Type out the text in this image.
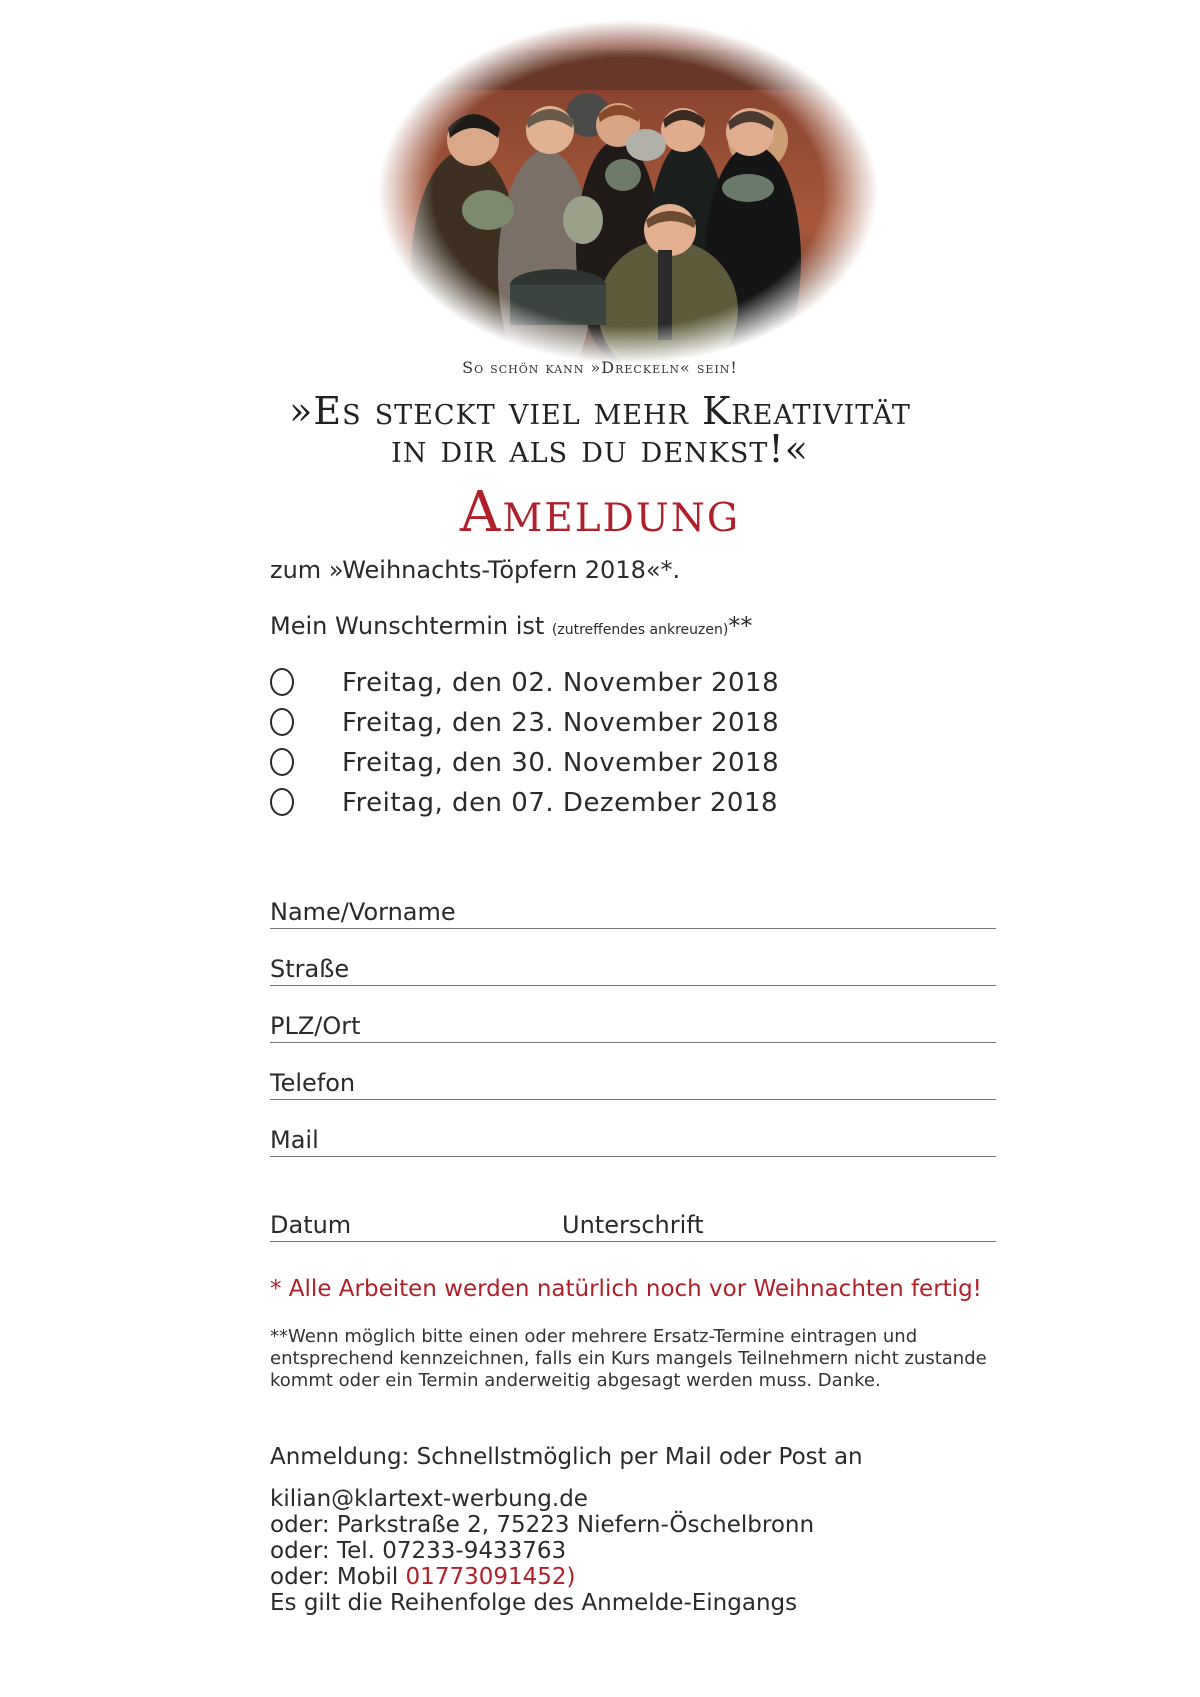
So schön kann »Dreckeln« sein!
»Es steckt viel mehr Kreativität
in dir als du denkst!«
Ameldung
zum »Weihnachts-Töpfern 2018«*.
Mein Wunschtermin ist (zutreffendes ankreuzen)**
Freitag, den 02. November 2018
Freitag, den 23. November 2018
Freitag, den 30. November 2018
Freitag, den 07. Dezember 2018
Name/Vorname
Straße
PLZ/Ort
Telefon
Mail
Datum	Unterschrift
* Alle Arbeiten werden natürlich noch vor Weihnachten fertig!
**Wenn möglich bitte einen oder mehrere Ersatz-Termine eintragen und entsprechend kennzeichnen, falls ein Kurs mangels Teilnehmern nicht zustande kommt oder ein Termin anderweitig abgesagt werden muss. Danke.
Anmeldung: Schnellstmöglich per Mail oder Post an
kilian@klartext-werbung.de
oder: Parkstraße 2, 75223 Niefern-Öschelbronn
oder: Tel. 07233-9433763
oder: Mobil 01773091452)
Es gilt die Reihenfolge des Anmelde-Eingangs
